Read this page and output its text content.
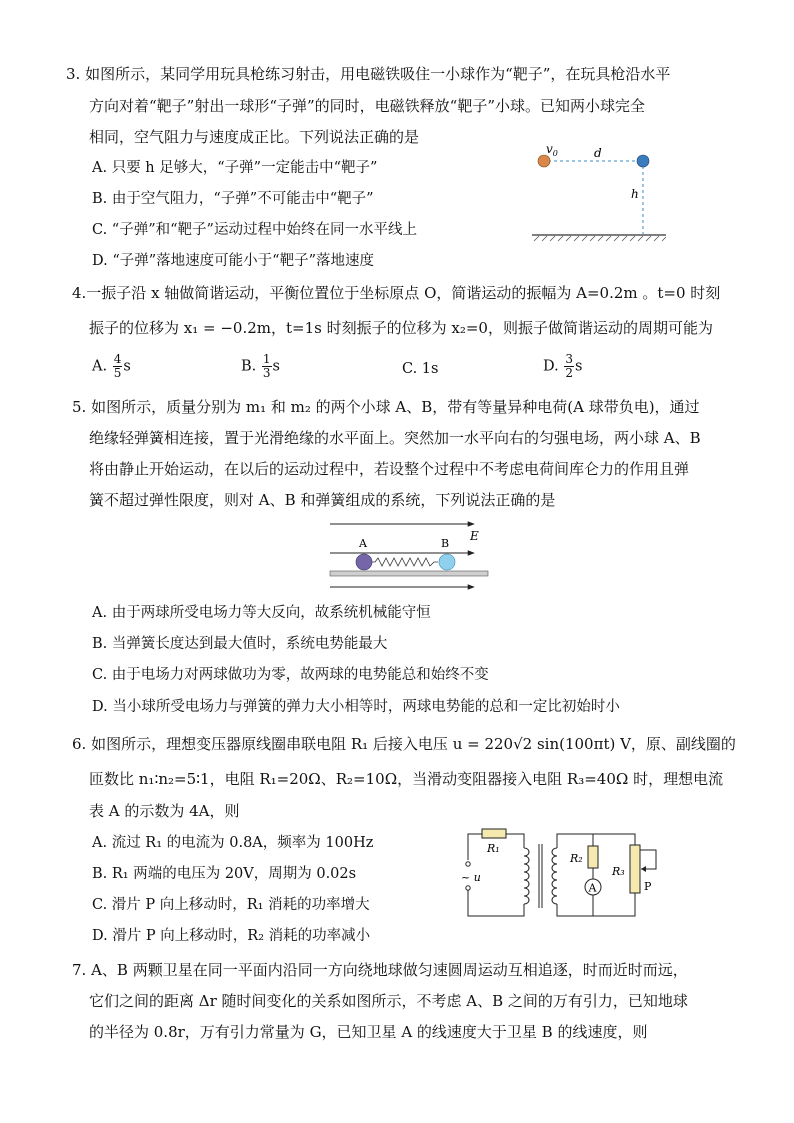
3. 如图所示，某同学用玩具枪练习射击，用电磁铁吸住一小球作为“靶子”，在玩具枪沿水平
方向对着“靶子”射出一球形“子弹”的同时，电磁铁释放“靶子”小球。已知两小球完全
相同，空气阻力与速度成正比。下列说法正确的是
A. 只要 h 足够大，“子弹”一定能击中“靶子”
B. 由于空气阻力，“子弹”不可能击中“靶子”
C. “子弹”和“靶子”运动过程中始终在同一水平线上
D. “子弹”落地速度可能小于“靶子”落地速度
$v_0$	d
h
4.一振子沿 x 轴做简谐运动，平衡位置位于坐标原点 O，简谐运动的振幅为 A=0.2m 。t=0 时刻
振子的位移为 x₁ = −0.2m，t=1s 时刻振子的位移为 x₂=0，则振子做简谐运动的周期可能为
A. $\frac{4}{5}$ s	B. $\frac{1}{3}$ s	C. 1s	D. $\frac{3}{2}$ s
5. 如图所示，质量分别为 m₁ 和 m₂ 的两个小球 A、B，带有等量异种电荷(A 球带负电)，通过
绝缘轻弹簧相连接，置于光滑绝缘的水平面上。突然加一水平向右的匀强电场，两小球 A、B
将由静止开始运动，在以后的运动过程中，若设整个过程中不考虑电荷间库仑力的作用且弹
簧不超过弹性限度，则对 A、B 和弹簧组成的系统，下列说法正确的是
E
A	B
A. 由于两球所受电场力等大反向，故系统机械能守恒
B. 当弹簧长度达到最大值时，系统电势能最大
C. 由于电场力对两球做功为零，故两球的电势能总和始终不变
D. 当小球所受电场力与弹簧的弹力大小相等时，两球电势能的总和一定比初始时小
6. 如图所示，理想变压器原线圈串联电阻 R₁ 后接入电压 u = 220√2 sin(100πt) V，原、副线圈的
匝数比 n₁∶n₂=5∶1，电阻 R₁=20Ω、R₂=10Ω，当滑动变阻器接入电阻 R₃=40Ω 时，理想电流
表 A 的示数为 4A，则
A. 流过 R₁ 的电流为 0.8A，频率为 100Hz
B. R₁ 两端的电压为 20V，周期为 0.02s
C. 滑片 P 向上移动时，R₁ 消耗的功率增大
D. 滑片 P 向上移动时，R₂ 消耗的功率减小
A
R₁
R₂
R₃
P
~ u
7. A、B 两颗卫星在同一平面内沿同一方向绕地球做匀速圆周运动互相追逐，时而近时而远，
它们之间的距离 Δr 随时间变化的关系如图所示，不考虑 A、B 之间的万有引力，已知地球
的半径为 0.8r，万有引力常量为 G，已知卫星 A 的线速度大于卫星 B 的线速度，则
